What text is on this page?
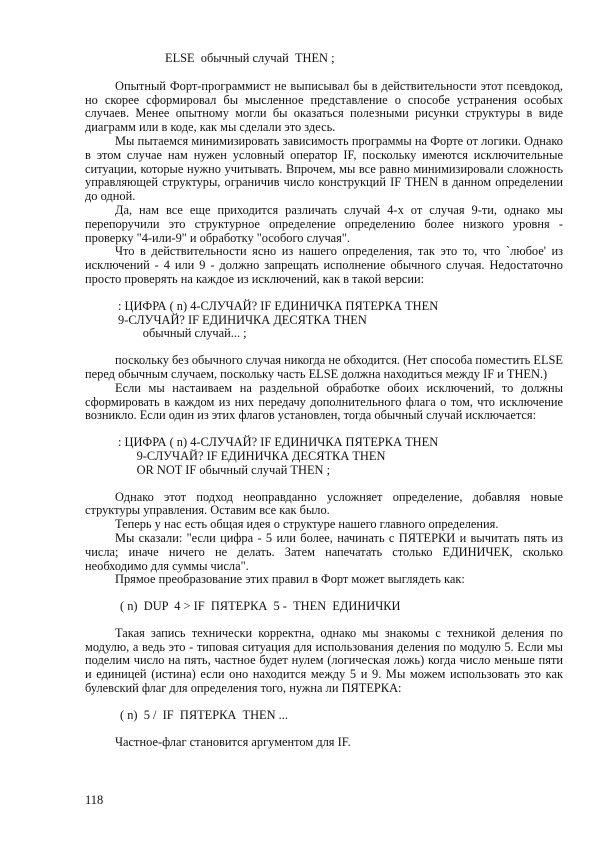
ELSE  обычный случай  THEN ;

Опытный Форт-программист не выписывал бы в действительности этот псевдокод, но скорее сформировал бы мысленное представление о способе устранения особых случаев. Менее опытному могли бы оказаться полезными рисунки структуры в виде диаграмм или в коде, как мы сделали это здесь.

Мы пытаемся минимизировать зависимость программы на Форте от логики. Однако в этом случае нам нужен условный оператор IF, поскольку имеются исключительные ситуации, которые нужно учитывать. Впрочем, мы все равно минимизировали сложность управляющей структуры, ограничив число конструкций IF THEN в данном определении до одной.

Да, нам все еще приходится различать случай 4-х от случая 9-ти, однако мы перепоручили это структурное определение определению более низкого уровня - проверку "4-или-9" и обработку "особого случая".

Что в действительности ясно из нашего определения, так это то, что `любое' из исключений - 4 или 9 - должно запрещать исполнение обычного случая. Недостаточно просто проверять на каждое из исключений, как в такой версии:

: ЦИФРА ( n) 4-СЛУЧАЙ? IF ЕДИНИЧКА ПЯТЕРКА THEN
9-СЛУЧАЙ? IF ЕДИНИЧКА ДЕСЯТКА THEN
обычный случай... ;

поскольку без обычного случая никогда не обходится. (Нет способа поместить ELSE перед обычным случаем, поскольку часть ELSE должна находиться между IF и THEN.)

Если мы настаиваем на раздельной обработке обоих исключений, то должны сформировать в каждом из них передачу дополнительного флага о том, что исключение возникло. Если один из этих флагов установлен, тогда обычный случай исключается:

: ЦИФРА ( n) 4-СЛУЧАЙ? IF ЕДИНИЧКА ПЯТЕРКА THEN
9-СЛУЧАЙ? IF ЕДИНИЧКА ДЕСЯТКА THEN
OR NOT IF обычный случай THEN ;

Однако этот подход неоправданно усложняет определение, добавляя новые структуры управления. Оставим все как было.

Теперь у нас есть общая идея о структуре нашего главного определения.

Мы сказали: "если цифра - 5 или более, начинать с ПЯТЕРКИ и вычитать пять из числа; иначе ничего не делать. Затем напечатать столько ЕДИНИЧЕК, сколько необходимо для суммы числа".

Прямое преобразование этих правил в Форт может выглядеть как:

( n)  DUP  4 > IF  ПЯТЕРКА  5 -  THEN  ЕДИНИЧКИ

Такая запись технически корректна, однако мы знакомы с техникой деления по модулю, а ведь это - типовая ситуация для использования деления по модулю 5. Если мы поделим число на пять, частное будет нулем (логическая ложь) когда число меньше пяти и единицей (истина) если оно находится между 5 и 9. Мы можем использовать это как булевский флаг для определения того, нужна ли ПЯТЕРКА:

( n)  5 /  IF  ПЯТЕРКА  THEN ...

Частное-флаг становится аргументом для IF.

118
